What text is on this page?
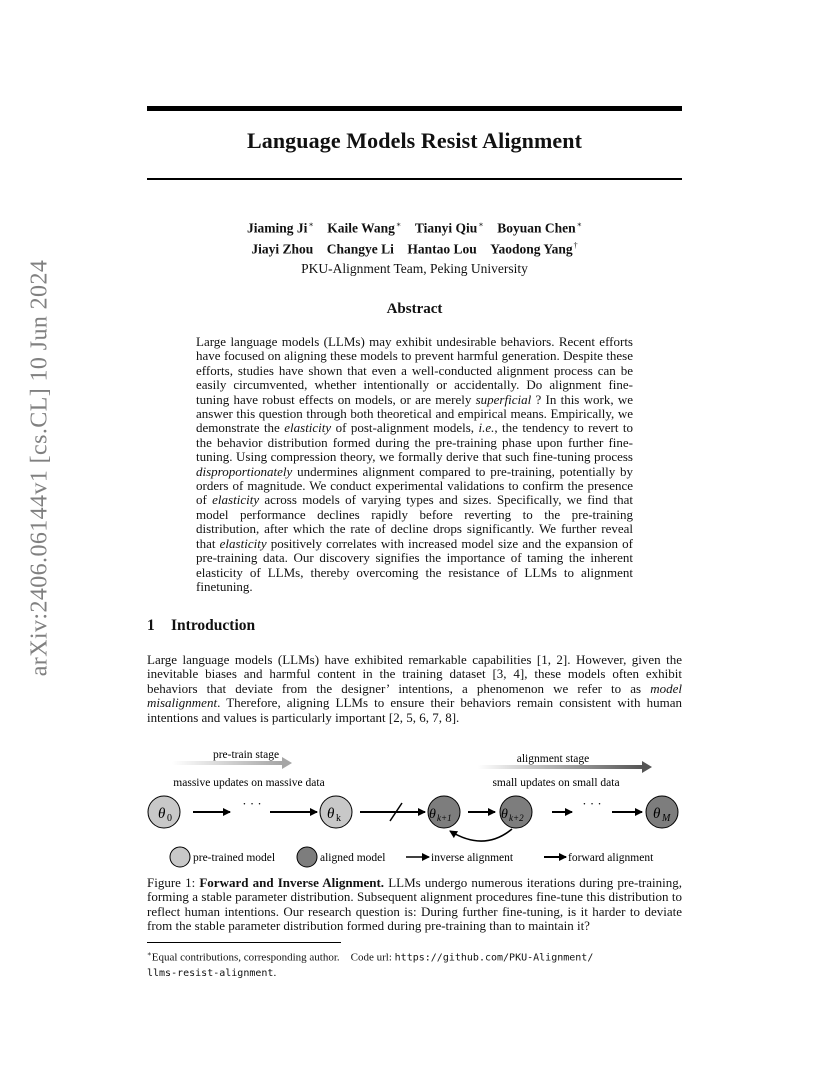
arXiv:2406.06144v1 [cs.CL] 10 Jun 2024
Language Models Resist Alignment
Jiaming Ji∗ Kaile Wang∗ Tianyi Qiu∗ Boyuan Chen∗
Jiayi Zhou Changye Li Hantao Lou Yaodong Yang†
PKU-Alignment Team, Peking University
Abstract
Large language models (LLMs) may exhibit undesirable behaviors. Recent efforts have focused on aligning these models to prevent harmful generation. Despite these efforts, studies have shown that even a well-conducted alignment process can be easily circumvented, whether intentionally or accidentally. Do alignment fine-tuning have robust effects on models, or are merely superficial ? In this work, we answer this question through both theoretical and empirical means. Empirically, we demonstrate the elasticity of post-alignment models, i.e., the tendency to revert to the behavior distribution formed during the pre-training phase upon further fine-tuning. Using compression theory, we formally derive that such fine-tuning process disproportionately undermines alignment compared to pre-training, potentially by orders of magnitude. We conduct experimental validations to confirm the presence of elasticity across models of varying types and sizes. Specifically, we find that model performance declines rapidly before reverting to the pre-training distribution, after which the rate of decline drops significantly. We further reveal that elasticity positively correlates with increased model size and the expansion of pre-training data. Our discovery signifies the importance of taming the inherent elasticity of LLMs, thereby overcoming the resistance of LLMs to alignment finetuning.
1 Introduction
Large language models (LLMs) have exhibited remarkable capabilities [1, 2]. However, given the inevitable biases and harmful content in the training dataset [3, 4], these models often exhibit behaviors that deviate from the designer’ intentions, a phenomenon we refer to as model misalignment. Therefore, aligning LLMs to ensure their behaviors remain consistent with human intentions and values is particularly important [2, 5, 6, 7, 8].
pre-train stage
massive updates on massive data
alignment stage
small updates on small data
θ 0	θ k	θ k+1	θ k+2	θ M
· · ·	· · ·
pre-trained model	aligned model	inverse alignment	forward alignment
Figure 1: Forward and Inverse Alignment. LLMs undergo numerous iterations during pre-training, forming a stable parameter distribution. Subsequent alignment procedures fine-tune this distribution to reflect human intentions. Our research question is: During further fine-tuning, is it harder to deviate from the stable parameter distribution formed during pre-training than to maintain it?
∗Equal contributions, corresponding author.    Code url: https://github.com/PKU-Alignment/
llms-resist-alignment.
